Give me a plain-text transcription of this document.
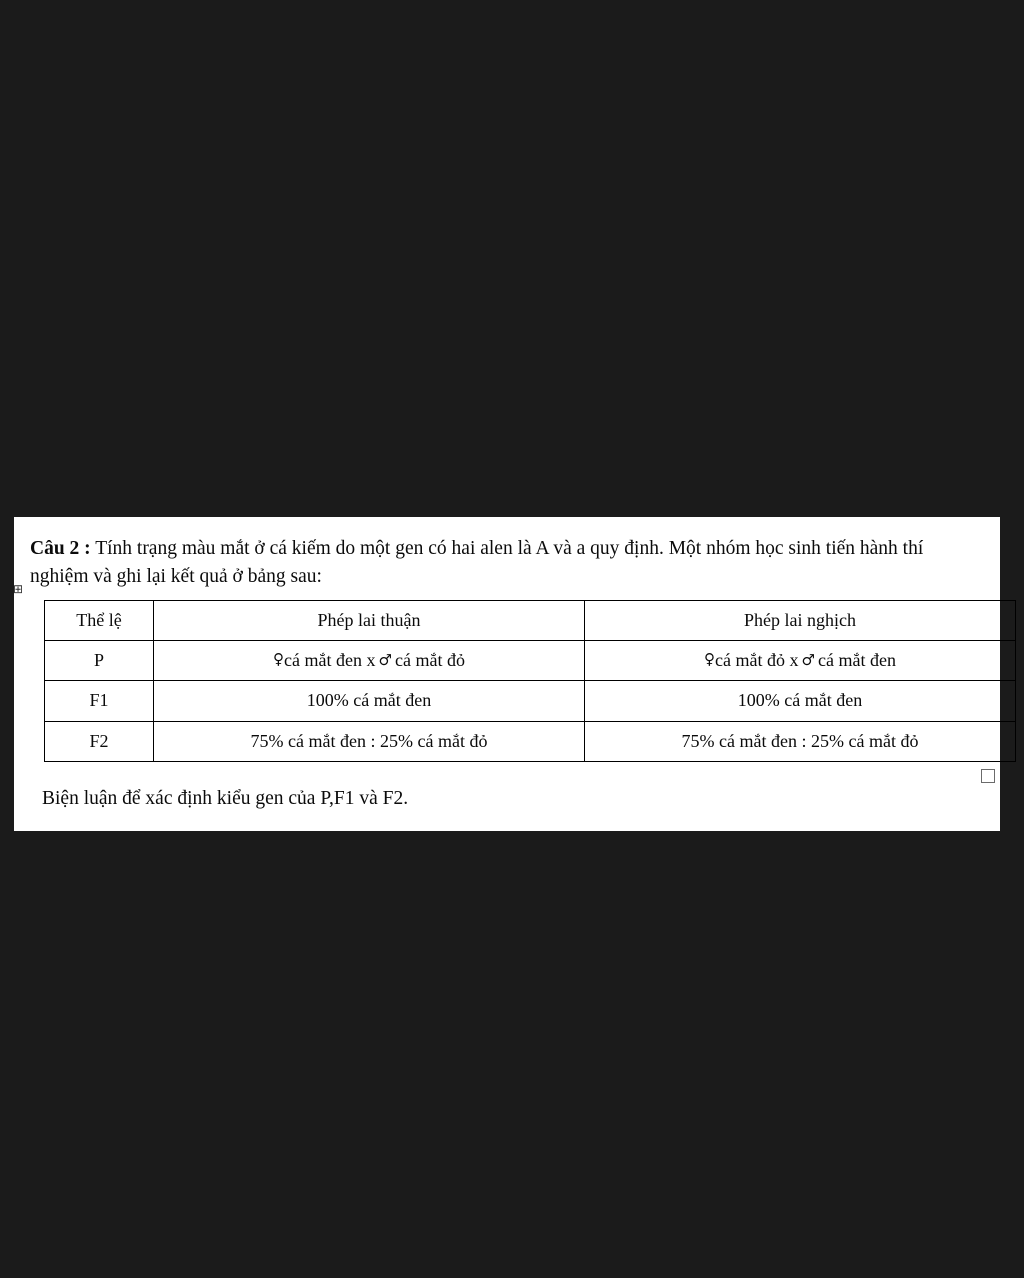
Câu 2 : Tính trạng màu mắt ở cá kiếm do một gen có hai alen là A và a quy định. Một nhóm học sinh tiến hành thí nghiệm và ghi lại kết quả ở bảng sau:

⊞
Thể lệ	Phép lai thuận	Phép lai nghịch
P	♀cá mắt đen x ♂ cá mắt đỏ	♀cá mắt đỏ x ♂ cá mắt đen
F1	100% cá mắt đen	100% cá mắt đen
F2	75% cá mắt đen : 25% cá mắt đỏ	75% cá mắt đen : 25% cá mắt đỏ

Biện luận để xác định kiểu gen của P,F1 và F2.
